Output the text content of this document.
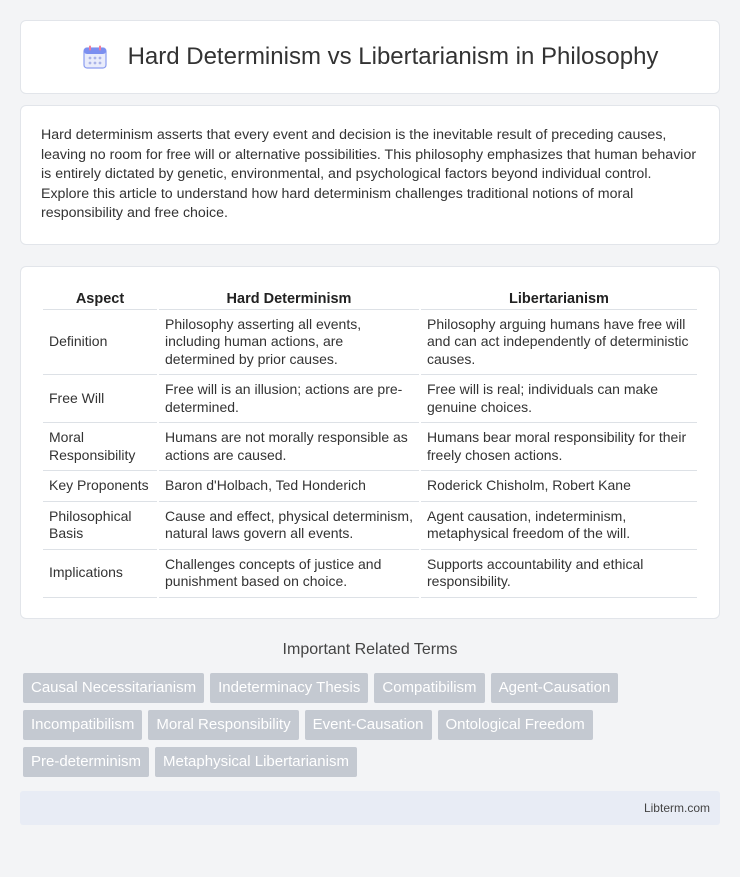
Hard Determinism vs Libertarianism in Philosophy

Hard determinism asserts that every event and decision is the inevitable result of preceding causes, leaving no room for free will or alternative possibilities. This philosophy emphasizes that human behavior is entirely dictated by genetic, environmental, and psychological factors beyond individual control. Explore this article to understand how hard determinism challenges traditional notions of moral responsibility and free choice.

Aspect	Hard Determinism	Libertarianism
Definition	Philosophy asserting all events, including human actions, are determined by prior causes.	Philosophy arguing humans have free will and can act independently of deterministic causes.
Free Will	Free will is an illusion; actions are pre-determined.	Free will is real; individuals can make genuine choices.
Moral Responsibility	Humans are not morally responsible as actions are caused.	Humans bear moral responsibility for their freely chosen actions.
Key Proponents	Baron d'Holbach, Ted Honderich	Roderick Chisholm, Robert Kane
Philosophical Basis	Cause and effect, physical determinism, natural laws govern all events.	Agent causation, indeterminism, metaphysical freedom of the will.
Implications	Challenges concepts of justice and punishment based on choice.	Supports accountability and ethical responsibility.
Important Related Terms
Causal Necessitarianism	Indeterminacy Thesis	Compatibilism	Agent-Causation
Incompatibilism	Moral Responsibility	Event-Causation	Ontological Freedom
Pre-determinism	Metaphysical Libertarianism
Libterm.com
